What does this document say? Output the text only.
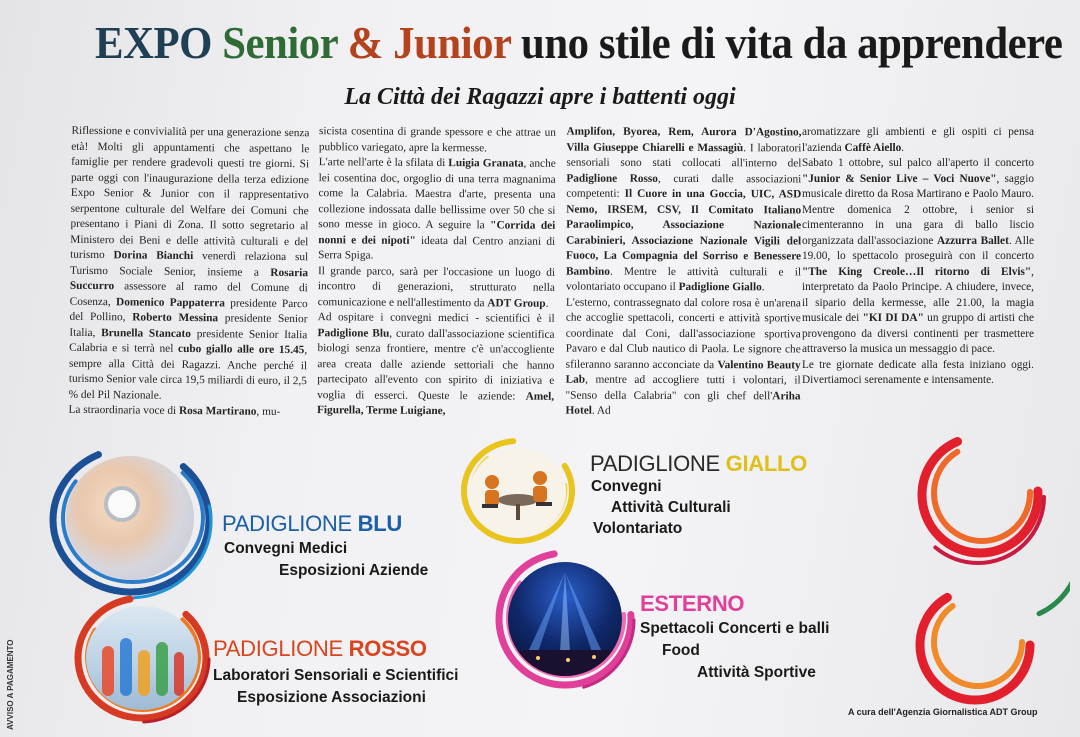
EXPO Senior & Junior uno stile di vita da apprendere
La Città dei Ragazzi apre i battenti oggi

Riflessione e convivialità per una generazione senza età! Molti gli appuntamenti che aspettano le famiglie per rendere gradevoli questi tre giorni. Si parte oggi con l'inaugurazione della terza edizione Expo Senior & Junior con il rappresentativo serpentone culturale del Welfare dei Comuni che presentano i Piani di Zona. Il sotto segretario al Ministero dei Beni e delle attività culturali e del turismo Dorina Bianchi venerdì relaziona sul Turismo Sociale Senior, insieme a Rosaria Succurro assessore al ramo del Comune di Cosenza, Domenico Pappaterra presidente Parco del Pollino, Roberto Messina presidente Senior Italia, Brunella Stancato presidente Senior Italia Calabria e si terrà nel cubo giallo alle ore 15.45, sempre alla Città dei Ragazzi. Anche perché il turismo Senior vale circa 19,5 miliardi di euro, il 2,5 % del Pil Nazionale.

La straordinaria voce di Rosa Martirano, mu-

sicista cosentina di grande spessore e che attrae un pubblico variegato, apre la kermesse.

L'arte nell'arte è la sfilata di Luigia Granata, anche lei cosentina doc, orgoglio di una terra magnanima come la Calabria. Maestra d'arte, presenta una collezione indossata dalle bellissime over 50 che si sono messe in gioco. A seguire la "Corrida dei nonni e dei nipoti" ideata dal Centro anziani di Serra Spiga.

Il grande parco, sarà per l'occasione un luogo di incontro di generazioni, strutturato nella comunicazione e nell'allestimento da ADT Group.

Ad ospitare i convegni medici - scientifici è il Padiglione Blu, curato dall'associazione scientifica biologi senza frontiere, mentre c'è un'accogliente area creata dalle aziende settoriali che hanno partecipato all'evento con spirito di iniziativa e voglia di esserci. Queste le aziende: Amel, Figurella, Terme Luigiane,

Amplifon, Byorea, Rem, Aurora D'Agostino, Villa Giuseppe Chiarelli e Massagiù. I laboratori sensoriali sono stati collocati all'interno del Padiglione Rosso, curati dalle associazioni competenti: Il Cuore in una Goccia, UIC, ASD Nemo, IRSEM, CSV, Il Comitato Italiano Paraolimpico, Associazione Nazionale Carabinieri, Associazione Nazionale Vigili del Fuoco, La Compagnia del Sorriso e Benessere Bambino. Mentre le attività culturali e il volontariato occupano il Padiglione Giallo.

L'esterno, contrassegnato dal colore rosa è un'arena che accoglie spettacoli, concerti e attività sportive coordinate dal Coni, dall'associazione sportiva Pavaro e dal Club nautico di Paola. Le signore che sfileranno saranno acconciate da Valentino Beauty Lab, mentre ad accogliere tutti i volontari, il "Senso della Calabria" con gli chef dell'Ariha Hotel. Ad

aromatizzare gli ambienti e gli ospiti ci pensa l'azienda Caffè Aiello.

Sabato 1 ottobre, sul palco all'aperto il concerto "Junior & Senior Live – Voci Nuove", saggio musicale diretto da Rosa Martirano e Paolo Mauro. Mentre domenica 2 ottobre, i senior si cimenteranno in una gara di ballo liscio organizzata dall'associazione Azzurra Ballet. Alle 19.00, lo spettacolo proseguirà con il concerto "The King Creole…Il ritorno di Elvis", interpretato da Paolo Principe. A chiudere, invece, il sipario della kermesse, alle 21.00, la magia musicale dei "KI DI DA" un gruppo di artisti che provengono da diversi continenti per trasmettere attraverso la musica un messaggio di pace.

Le tre giornate dedicate alla festa iniziano oggi. Divertiamoci serenamente e intensamente.

PADIGLIONE BLU
Convegni Medici
Esposizioni Aziende
PADIGLIONE GIALLO
Convegni
Attività Culturali
Volontariato
PADIGLIONE ROSSO
Laboratori Sensoriali e Scientifici
Esposizione Associazioni
ESTERNO
Spettacoli Concerti e balli
Food
Attività Sportive
A cura dell'Agenzia Giornalistica ADT Group
AVVISO A PAGAMENTO
